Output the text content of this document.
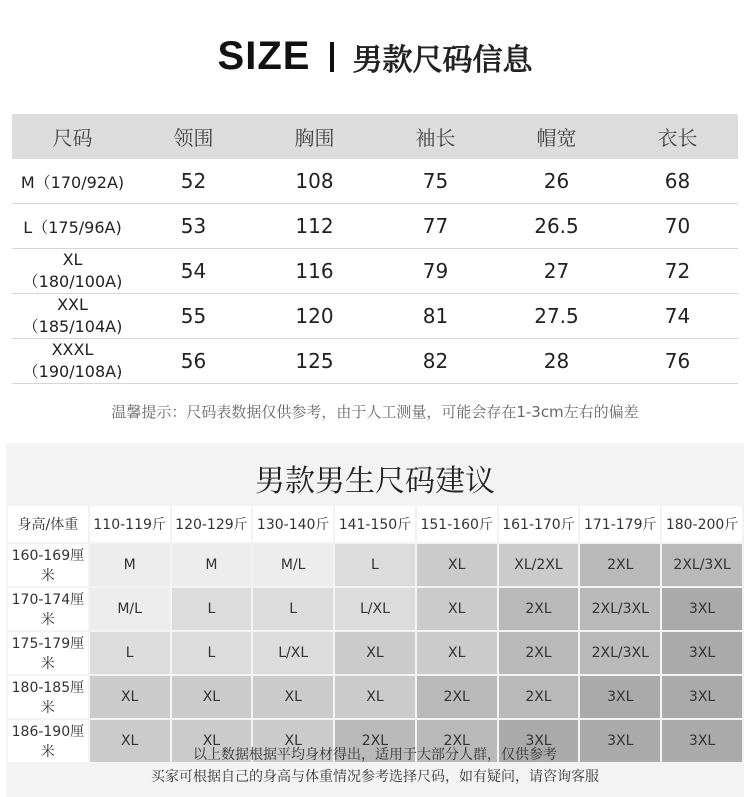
SIZE 男款尺码信息
尺码	领围	胸围	袖长	帽宽	衣长
M（170/92A)	52	108	75	26	68
L（175/96A)	53	112	77	26.5	70
XL（180/100A)	54	116	79	27	72
XXL（185/104A)	55	120	81	27.5	74
XXXL（190/108A)	56	125	82	28	76
温馨提示：尺码表数据仅供参考，由于人工测量，可能会存在1-3cm左右的偏差
男款男生尺码建议
身高/体重	110-119斤	120-129斤	130-140斤	141-150斤	151-160斤	161-170斤	171-179斤	180-200斤
160-169厘米	M	M	M/L	L	XL	XL/2XL	2XL	2XL/3XL
170-174厘米	M/L	L	L	L/XL	XL	2XL	2XL/3XL	3XL
175-179厘米	L	L	L/XL	XL	XL	2XL	2XL/3XL	3XL
180-185厘米	XL	XL	XL	XL	2XL	2XL	3XL	3XL
186-190厘米	XL	XL	XL	2XL	2XL	3XL	3XL	3XL
以上数据根据平均身材得出，适用于大部分人群，仅供参考
买家可根据自己的身高与体重情况参考选择尺码，如有疑问，请咨询客服
